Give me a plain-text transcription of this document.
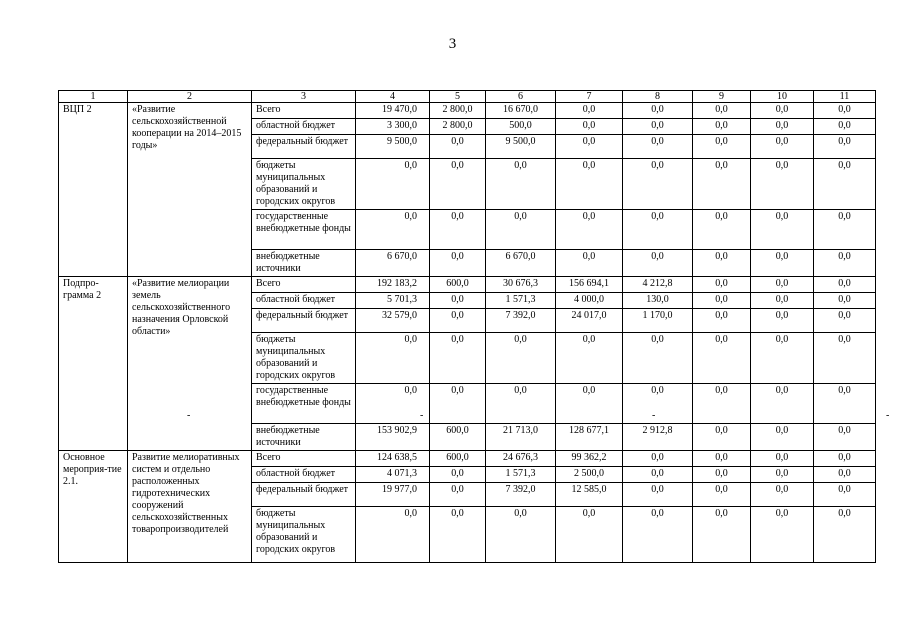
3
1	2	3	4	5	6	7	8	9	10	11
ВЦП 2	«Развитие сельскохозяйственной кооперации на 2014–2015 годы»	Всего	19 470,0	2 800,0	16 670,0	0,0	0,0	0,0	0,0	0,0
		областной бюджет	3 300,0	2 800,0	500,0	0,0	0,0	0,0	0,0	0,0
		федеральный бюджет	9 500,0	0,0	9 500,0	0,0	0,0	0,0	0,0	0,0
		бюджеты муниципальных образований и городских округов	0,0	0,0	0,0	0,0	0,0	0,0	0,0	0,0
		государственные внебюджетные фонды	0,0	0,0	0,0	0,0	0,0	0,0	0,0	0,0
		внебюджетные источники	6 670,0	0,0	6 670,0	0,0	0,0	0,0	0,0	0,0
Подпро-грамма 2	«Развитие мелиорации земель сельскохозяйственного назначения Орловской области»	Всего	192 183,2	600,0	30 676,3	156 694,1	4 212,8	0,0	0,0	0,0
		областной бюджет	5 701,3	0,0	1 571,3	4 000,0	130,0	0,0	0,0	0,0
		федеральный бюджет	32 579,0	0,0	7 392,0	24 017,0	1 170,0	0,0	0,0	0,0
		бюджеты муниципальных образований и городских округов	0,0	0,0	0,0	0,0	0,0	0,0	0,0	0,0
		государственные внебюджетные фонды	0,0	0,0	0,0	0,0	0,0	0,0	0,0	0,0
		внебюджетные источники	153 902,9	600,0	21 713,0	128 677,1	2 912,8	0,0	0,0	0,0
Основное мероприя-тие 2.1.	Развитие мелиоративных систем и отдельно расположенных гидротехнических сооружений сельскохозяйственных товаропроизводителей	Всего	124 638,5	600,0	24 676,3	99 362,2	0,0	0,0	0,0	0,0
		областной бюджет	4 071,3	0,0	1 571,3	2 500,0	0,0	0,0	0,0	0,0
		федеральный бюджет	19 977,0	0,0	7 392,0	12 585,0	0,0	0,0	0,0	0,0
		бюджеты муниципальных образований и городских округов	0,0	0,0	0,0	0,0	0,0	0,0	0,0	0,0
-	-	-	-
